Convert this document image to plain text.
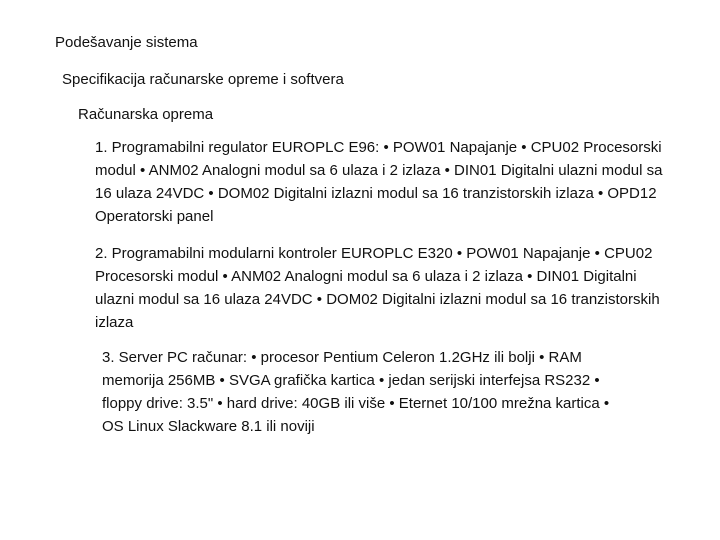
Podešavanje sistema
Specifikacija računarske opreme i softvera
Računarska oprema
1. Programabilni regulator EUROPLC E96: • POW01 Napajanje • CPU02 Procesorski modul • ANM02 Analogni modul sa 6 ulaza i 2 izlaza • DIN01 Digitalni ulazni modul sa 16 ulaza 24VDC • DOM02 Digitalni izlazni modul sa 16 tranzistorskih izlaza • OPD12 Operatorski panel
2. Programabilni modularni kontroler EUROPLC E320 • POW01 Napajanje • CPU02 Procesorski modul • ANM02 Analogni modul sa 6 ulaza i 2 izlaza • DIN01 Digitalni ulazni modul sa 16 ulaza 24VDC • DOM02 Digitalni izlazni modul sa 16 tranzistorskih izlaza
3. Server PC računar: • procesor Pentium Celeron 1.2GHz ili bolji • RAM memorija 256MB • SVGA grafička kartica • jedan serijski interfejsa RS232 • floppy drive: 3.5" • hard drive: 40GB ili više • Eternet 10/100 mrežna kartica • OS Linux Slackware 8.1 ili noviji
